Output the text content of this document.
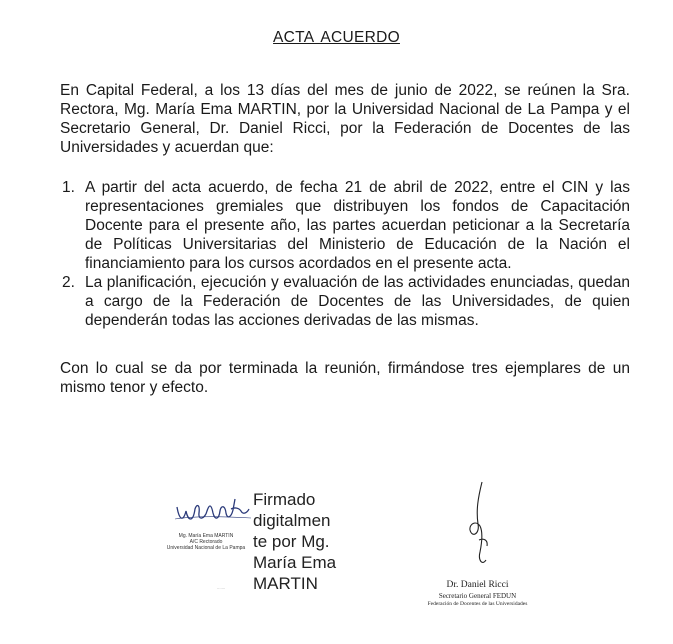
ACTA ACUERDO

En Capital Federal, a los 13 días del mes de junio de 2022, se reúnen la Sra. Rectora, Mg. María Ema MARTIN, por la Universidad Nacional de La Pampa y el Secretario General, Dr. Daniel Ricci, por la Federación de Docentes de las Universidades y acuerdan que:

1. A partir del acta acuerdo, de fecha 21 de abril de 2022, entre el CIN y las representaciones gremiales que distribuyen los fondos de Capacitación Docente para el presente año, las partes acuerdan peticionar a la Secretaría de Políticas Universitarias del Ministerio de Educación de la Nación el financiamiento para los cursos acordados en el presente acta.
2. La planificación, ejecución y evaluación de las actividades enunciadas, quedan a cargo de la Federación de Docentes de las Universidades, de quien dependerán todas las acciones derivadas de las mismas.

Con lo cual se da por terminada la reunión, firmándose tres ejemplares de un mismo tenor y efecto.

Mg. María Ema MARTIN
A/C Rectorado
Universidad Nacional de La Pampa
·······
Firmado
digitalmen
te por Mg.
María Ema
MARTIN	Dr. Daniel Ricci
Secretario General FEDUN
Federación de Docentes de las Universidades
